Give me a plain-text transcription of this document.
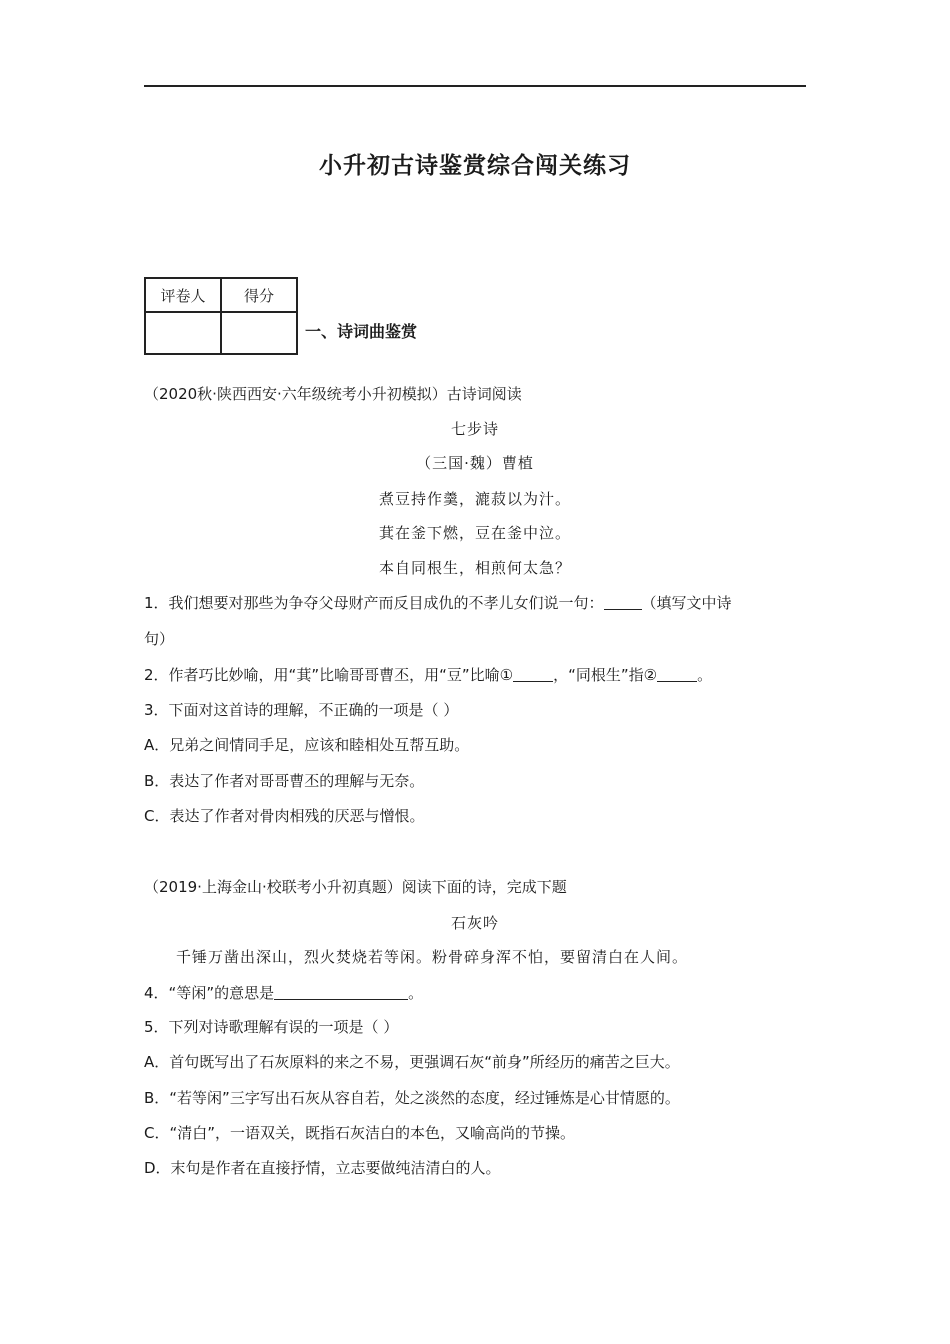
小升初古诗鉴赏综合闯关练习
评卷人	得分

一、诗词曲鉴赏
（2020秋·陕西西安·六年级统考小升初模拟）古诗词阅读
七步诗
（三国·魏）曹植
煮豆持作羹，漉菽以为汁。
萁在釜下燃，豆在釜中泣。
本自同根生，相煎何太急？
1．我们想要对那些为争夺父母财产而反目成仇的不孝儿女们说一句：	（填写文中诗
句）
2．作者巧比妙喻，用“萁”比喻哥哥曹丕，用“豆”比喻①	，“同根生”指②	。
3．下面对这首诗的理解，不正确的一项是（ ）
A．兄弟之间情同手足，应该和睦相处互帮互助。
B．表达了作者对哥哥曹丕的理解与无奈。
C．表达了作者对骨肉相残的厌恶与憎恨。
（2019·上海金山·校联考小升初真题）阅读下面的诗，完成下题
石灰吟
千锤万凿出深山，烈火焚烧若等闲。粉骨碎身浑不怕，要留清白在人间。
4．“等闲”的意思是	。
5．下列对诗歌理解有误的一项是（ ）
A．首句既写出了石灰原料的来之不易，更强调石灰“前身”所经历的痛苦之巨大。
B．“若等闲”三字写出石灰从容自若，处之淡然的态度，经过锤炼是心甘情愿的。
C．“清白”，一语双关，既指石灰洁白的本色，又喻高尚的节操。
D．末句是作者在直接抒情，立志要做纯洁清白的人。
